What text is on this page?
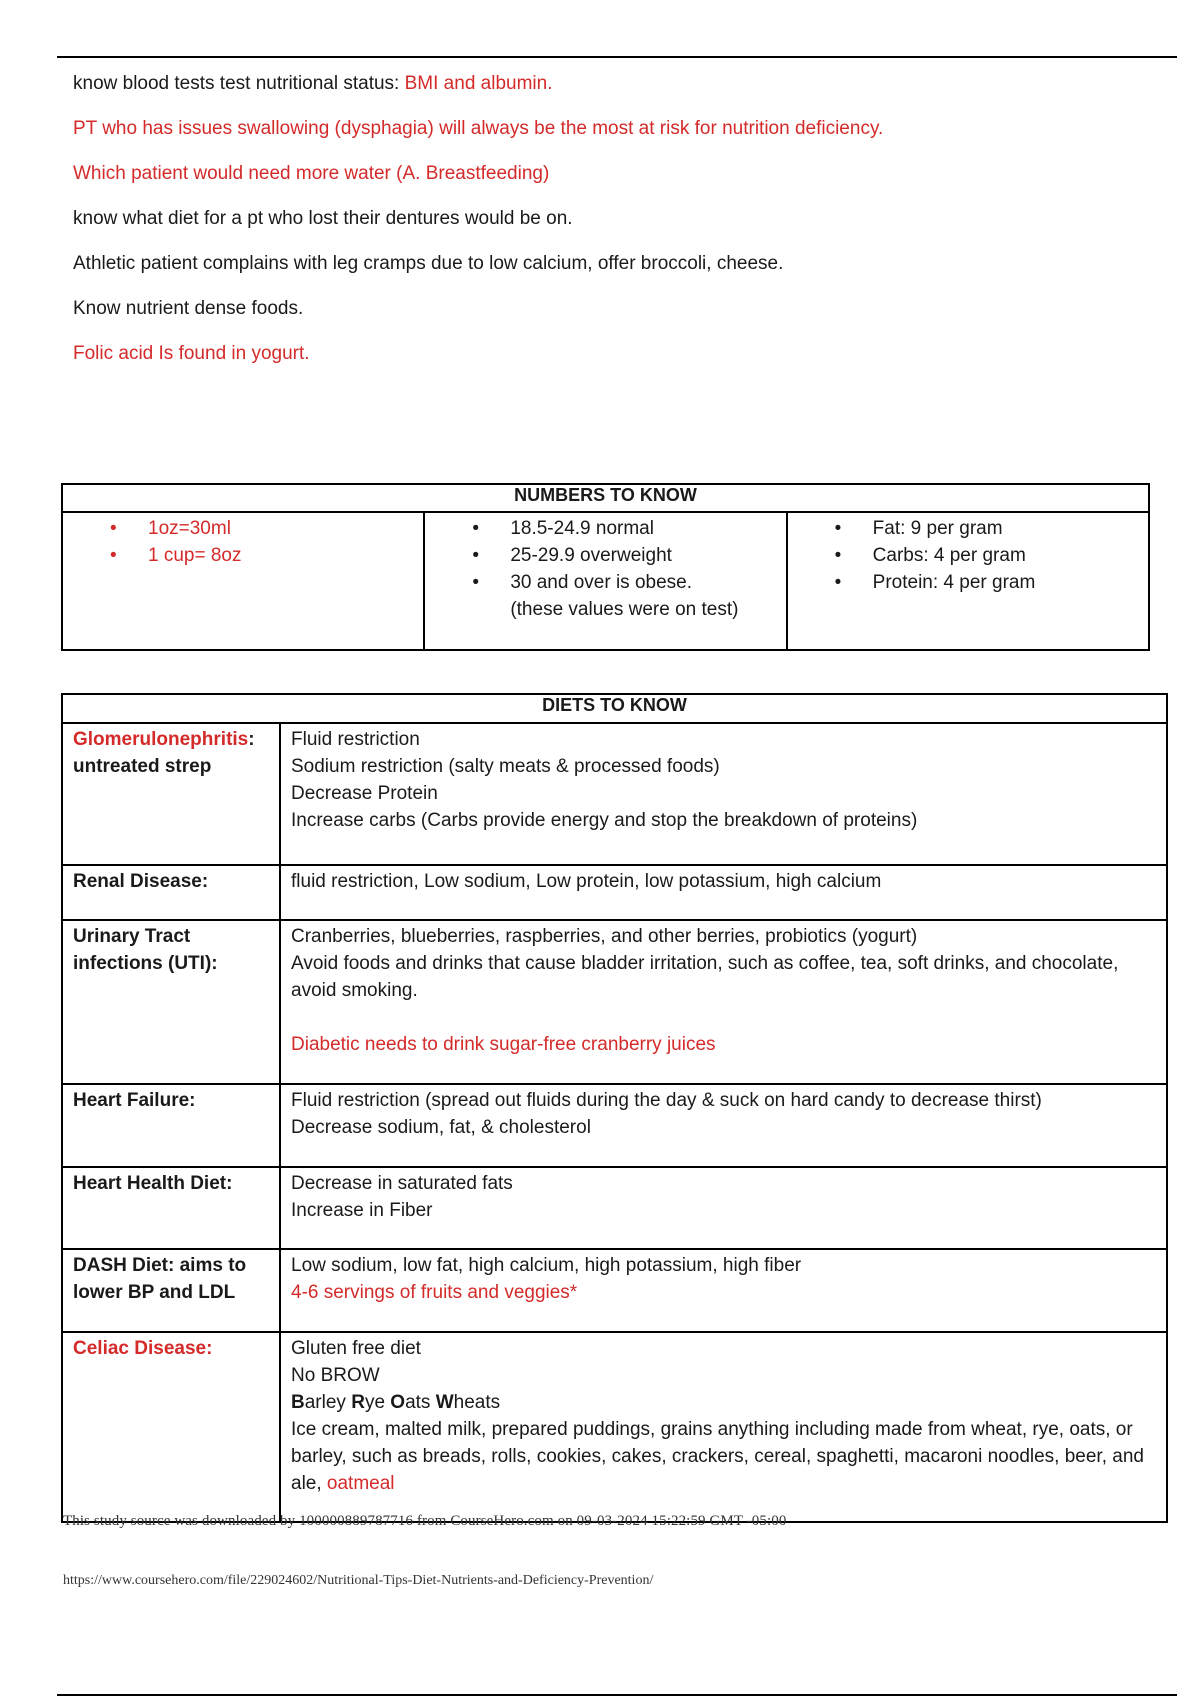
know blood tests test nutritional status: BMI and albumin.

PT who has issues swallowing (dysphagia) will always be the most at risk for nutrition deficiency.

Which patient would need more water (A. Breastfeeding)

know what diet for a pt who lost their dentures would be on.

Athletic patient complains with leg cramps due to low calcium, offer broccoli, cheese.

Know nutrient dense foods.

Folic acid Is found in yogurt.

NUMBERS TO KNOW

• 1oz=30ml
• 1 cup= 8oz

• 18.5-24.9 normal
• 25-29.9 overweight
• 30 and over is obese.
(these values were on test)

• Fat: 9 per gram
• Carbs: 4 per gram
• Protein: 4 per gram
DIETS TO KNOW	
Glomerulonephritis:
untreated strep	Fluid restriction
Sodium restriction (salty meats & processed foods)
Decrease Protein
Increase carbs (Carbs provide energy and stop the breakdown of proteins)

Renal Disease:	fluid restriction, Low sodium, Low protein, low potassium, high calcium

Urinary Tract infections (UTI):	Cranberries, blueberries, raspberries, and other berries, probiotics (yogurt)
Avoid foods and drinks that cause bladder irritation, such as coffee, tea, soft drinks, and chocolate, avoid smoking.
Diabetic needs to drink sugar-free cranberry juices

Heart Failure:	Fluid restriction (spread out fluids during the day & suck on hard candy to decrease thirst)
Decrease sodium, fat, & cholesterol

Heart Health Diet:	Decrease in saturated fats
Increase in Fiber

DASH Diet: aims to lower BP and LDL	Low sodium, low fat, high calcium, high potassium, high fiber
4-6 servings of fruits and veggies*

Celiac Disease:	Gluten free diet
No BROW
Barley Rye Oats Wheats
Ice cream, malted milk, prepared puddings, grains anything including made from wheat, rye, oats, or barley, such as breads, rolls, cookies, cakes, crackers, cereal, spaghetti, macaroni noodles, beer, and ale, oatmeal
This study source was downloaded by 100000889787716 from CourseHero.com on 09-03-2024 15:22:59 GMT -05:00
https://www.coursehero.com/file/229024602/Nutritional-Tips-Diet-Nutrients-and-Deficiency-Prevention/
